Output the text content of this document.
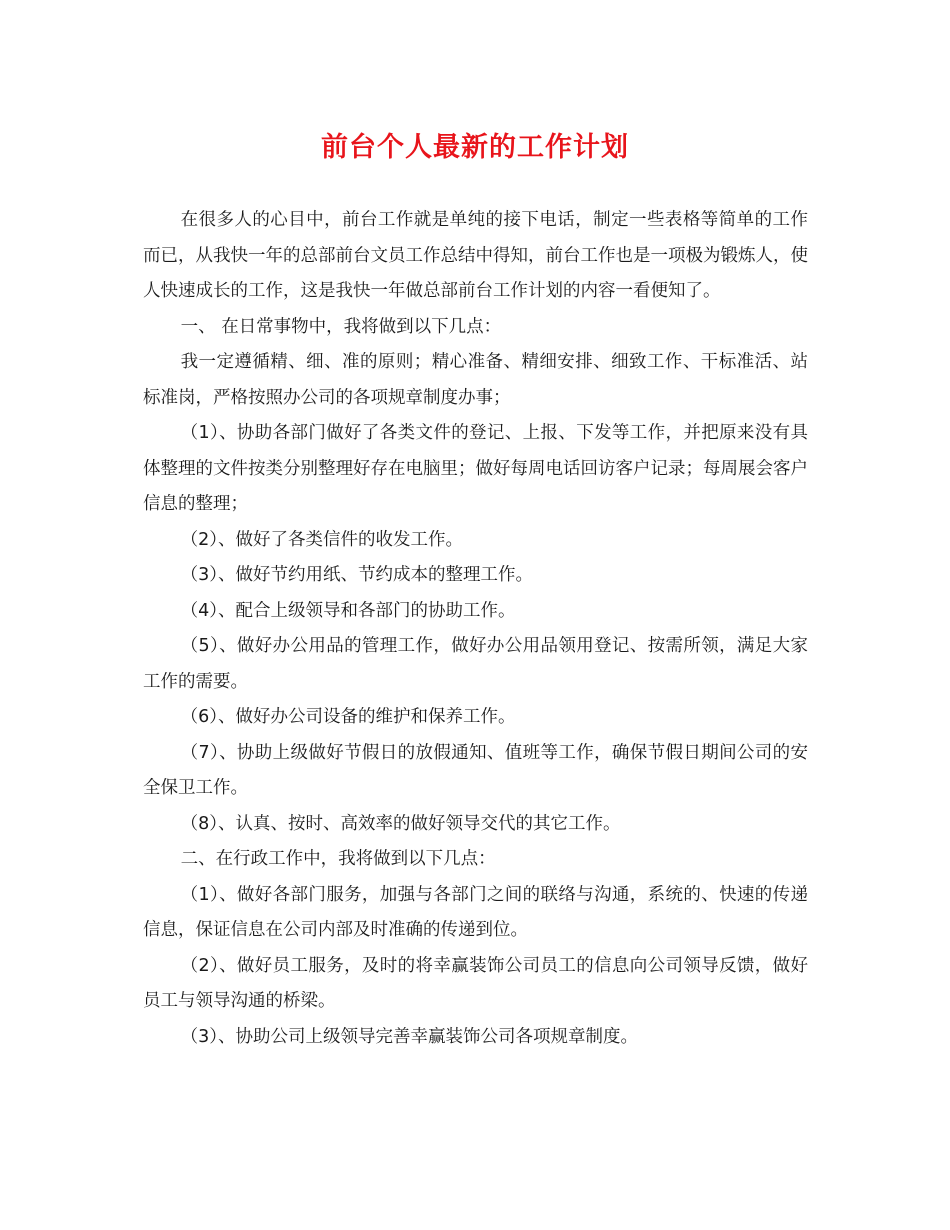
前台个人最新的工作计划

在很多人的心目中，前台工作就是单纯的接下电话，制定一些表格等简单的工作而已，从我快一年的总部前台文员工作总结中得知，前台工作也是一项极为锻炼人，使人快速成长的工作，这是我快一年做总部前台工作计划的内容一看便知了。

一、 在日常事物中，我将做到以下几点：

我一定遵循精、细、准的原则；精心准备、精细安排、细致工作、干标准活、站标准岗，严格按照办公司的各项规章制度办事；

（1）、协助各部门做好了各类文件的登记、上报、下发等工作，并把原来没有具体整理的文件按类分别整理好存在电脑里；做好每周电话回访客户记录；每周展会客户信息的整理；

（2）、做好了各类信件的收发工作。

（3）、做好节约用纸、节约成本的整理工作。

（4）、配合上级领导和各部门的协助工作。

（5）、做好办公用品的管理工作，做好办公用品领用登记、按需所领，满足大家工作的需要。

（6）、做好办公司设备的维护和保养工作。

（7）、协助上级做好节假日的放假通知、值班等工作，确保节假日期间公司的安全保卫工作。

（8）、认真、按时、高效率的做好领导交代的其它工作。

二、在行政工作中，我将做到以下几点：

（1）、做好各部门服务，加强与各部门之间的联络与沟通，系统的、快速的传递信息，保证信息在公司内部及时准确的传递到位。

（2）、做好员工服务，及时的将幸赢装饰公司员工的信息向公司领导反馈，做好员工与领导沟通的桥梁。

（3）、协助公司上级领导完善幸赢装饰公司各项规章制度。
